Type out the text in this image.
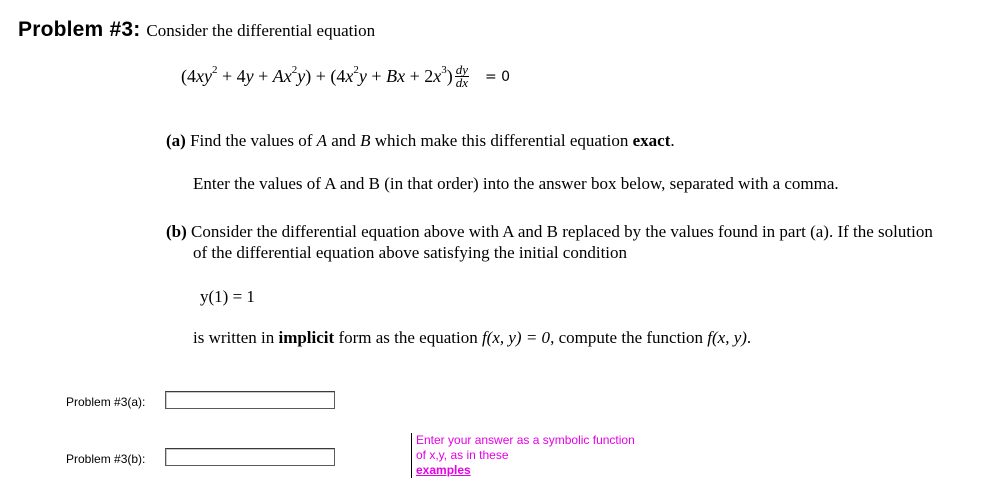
Problem #3: Consider the differential equation
$(4xy^2 + 4y + Ax^2y) + (4x^2y + Bx + 2x^3) \frac{dy}{dx} = 0$
(a) Find the values of A and B which make this differential equation exact.
Enter the values of A and B (in that order) into the answer box below, separated with a comma.
(b) Consider the differential equation above with A and B replaced by the values found in part (a). If the solution
of the differential equation above satisfying the initial condition
y(1) = 1
is written in implicit form as the equation f(x, y) = 0, compute the function f(x, y).
Problem #3(a):
Problem #3(b):
Enter your answer as a symbolic function of x,y, as in these
examples
